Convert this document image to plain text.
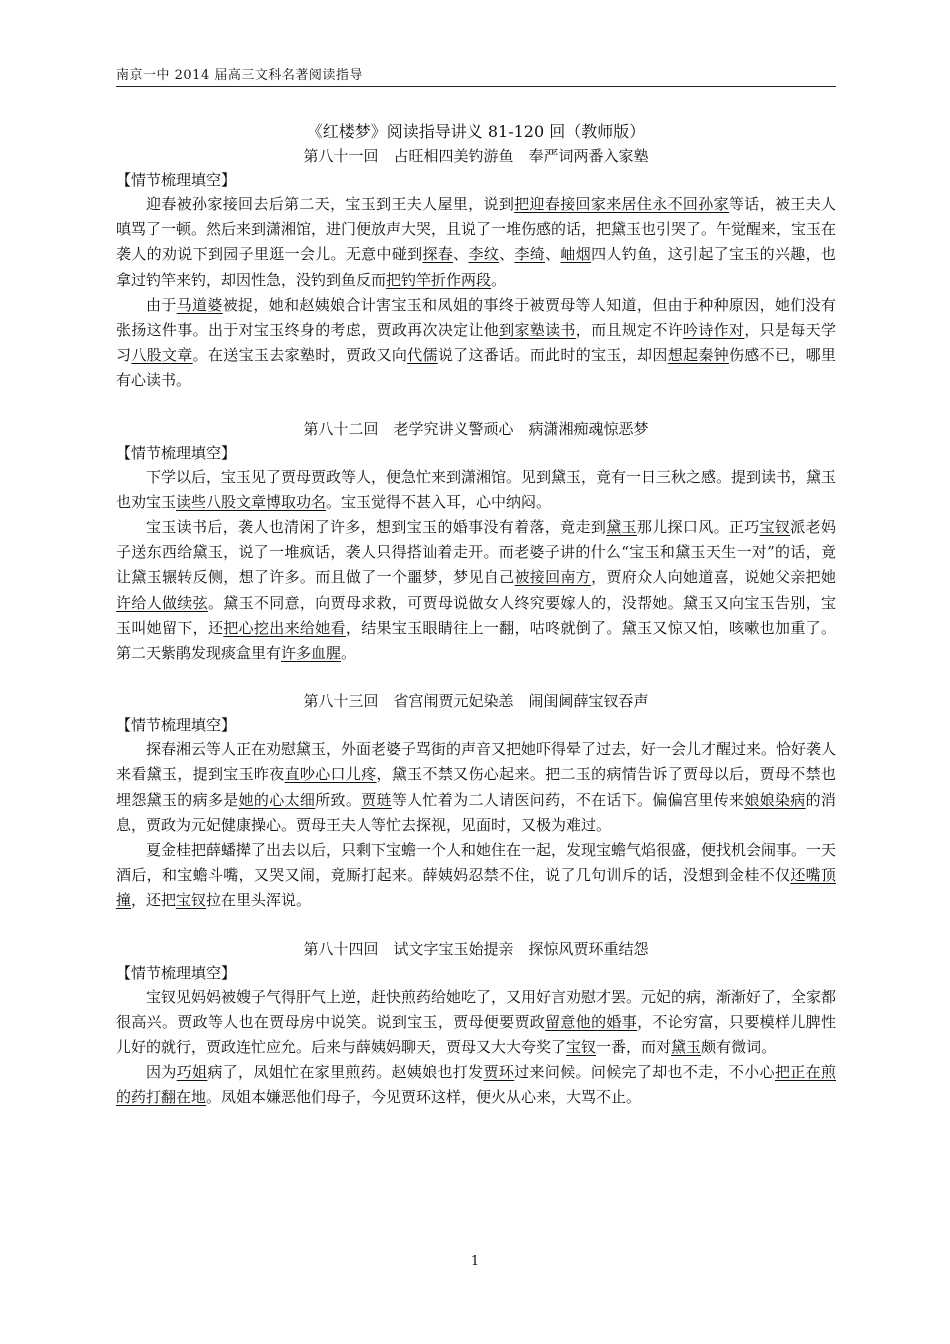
南京一中 2014 届高三文科名著阅读指导

《红楼梦》阅读指导讲义 81-120 回（教师版）

第八十一回　占旺相四美钓游鱼　奉严词两番入家塾

【情节梳理填空】

迎春被孙家接回去后第二天，宝玉到王夫人屋里，说到把迎春接回家来居住永不回孙家等话，被王夫人嗔骂了一顿。然后来到潇湘馆，进门便放声大哭，且说了一堆伤感的话，把黛玉也引哭了。午觉醒来，宝玉在袭人的劝说下到园子里逛一会儿。无意中碰到探春、李纹、李绮、岫烟四人钓鱼，这引起了宝玉的兴趣，也拿过钓竿来钓，却因性急，没钓到鱼反而把钓竿折作两段。

由于马道婆被捉，她和赵姨娘合计害宝玉和凤姐的事终于被贾母等人知道，但由于种种原因，她们没有张扬这件事。出于对宝玉终身的考虑，贾政再次决定让他到家塾读书，而且规定不许吟诗作对，只是每天学习八股文章。在送宝玉去家塾时，贾政又向代儒说了这番话。而此时的宝玉，却因想起秦钟伤感不已，哪里有心读书。

第八十二回　老学究讲义警顽心　病潇湘痴魂惊恶梦

【情节梳理填空】

下学以后，宝玉见了贾母贾政等人，便急忙来到潇湘馆。见到黛玉，竟有一日三秋之感。提到读书，黛玉也劝宝玉读些八股文章博取功名。宝玉觉得不甚入耳，心中纳闷。

宝玉读书后，袭人也清闲了许多，想到宝玉的婚事没有着落，竟走到黛玉那儿探口风。正巧宝钗派老妈子送东西给黛玉，说了一堆疯话，袭人只得搭讪着走开。而老婆子讲的什么“宝玉和黛玉天生一对”的话，竟让黛玉辗转反侧，想了许多。而且做了一个噩梦，梦见自己被接回南方，贾府众人向她道喜，说她父亲把她许给人做续弦。黛玉不同意，向贾母求救，可贾母说做女人终究要嫁人的，没帮她。黛玉又向宝玉告别，宝玉叫她留下，还把心挖出来给她看，结果宝玉眼睛往上一翻，咕咚就倒了。黛玉又惊又怕，咳嗽也加重了。第二天紫鹃发现痰盒里有许多血腥。

第八十三回　省宫闱贾元妃染恙　闹闺阃薛宝钗吞声

【情节梳理填空】

探春湘云等人正在劝慰黛玉，外面老婆子骂街的声音又把她吓得晕了过去，好一会儿才醒过来。恰好袭人来看黛玉，提到宝玉昨夜直吵心口儿疼，黛玉不禁又伤心起来。把二玉的病情告诉了贾母以后，贾母不禁也埋怨黛玉的病多是她的心太细所致。贾琏等人忙着为二人请医问药，不在话下。偏偏宫里传来娘娘染病的消息，贾政为元妃健康操心。贾母王夫人等忙去探视，见面时，又极为难过。

夏金桂把薛蟠撵了出去以后，只剩下宝蟾一个人和她住在一起，发现宝蟾气焰很盛，便找机会闹事。一天酒后，和宝蟾斗嘴，又哭又闹，竟厮打起来。薛姨妈忍禁不住，说了几句训斥的话，没想到金桂不仅还嘴顶撞，还把宝钗拉在里头浑说。

第八十四回　试文字宝玉始提亲　探惊风贾环重结怨

【情节梳理填空】

宝钗见妈妈被嫂子气得肝气上逆，赶快煎药给她吃了，又用好言劝慰才罢。元妃的病，渐渐好了，全家都很高兴。贾政等人也在贾母房中说笑。说到宝玉，贾母便要贾政留意他的婚事，不论穷富，只要模样儿脾性儿好的就行，贾政连忙应允。后来与薛姨妈聊天，贾母又大大夸奖了宝钗一番，而对黛玉颇有微词。

因为巧姐病了，凤姐忙在家里煎药。赵姨娘也打发贾环过来问候。问候完了却也不走，不小心把正在煎的药打翻在地。凤姐本嫌恶他们母子，今见贾环这样，便火从心来，大骂不止。

1
